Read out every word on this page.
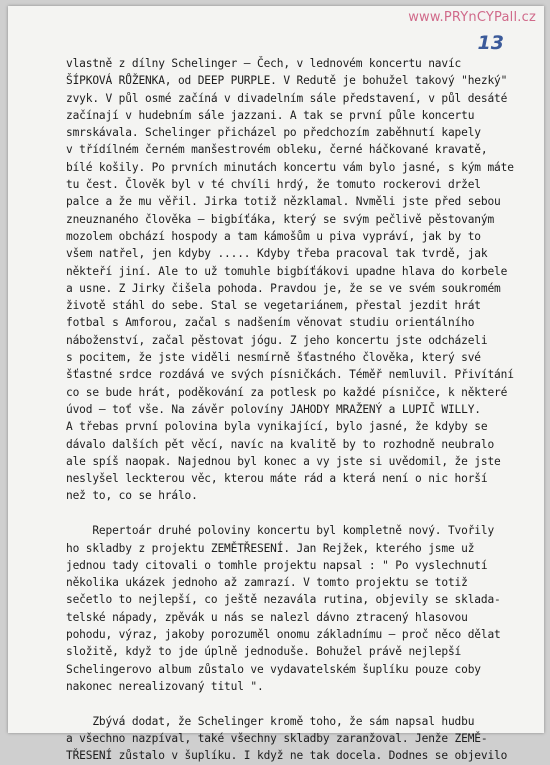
www.PRYnCYPall.cz
13
vlastně z dílny Schelinger – Čech, v lednovém koncertu navíc
ŠÍPKOVÁ RŮŽENKA, od DEEP PURPLE. V Redutě je bohužel takový "hezký"
zvyk. V půl osmé začíná v divadelním sále představení, v půl desáté
začínají v hudebním sále jazzani. A tak se první půle koncertu
smrskávala. Schelinger přicházel po předchozím zaběhnutí kapely
v třídílném černém manšestrovém obleku, černé háčkované kravatě,
bílé košily. Po prvních minutách koncertu vám bylo jasné, s kým máte
tu čest. Člověk byl v té chvíli hrdý, že tomuto rockerovi držel
palce a že mu věřil. Jirka totiž nězklamal. Nvměli jste před sebou
zneuznaného člověka – bigbíťáka, který se svým pečlivě pěstovaným
mozolem obchází hospody a tam kámošům u piva vypráví, jak by to
všem natřel, jen kdyby ..... Kdyby třeba pracoval tak tvrdě, jak
někteří jiní. Ale to už tomuhle bigbíťákovi upadne hlava do korbele
a usne. Z Jirky čišela pohoda. Pravdou je, že se ve svém soukromém
životě stáhl do sebe. Stal se vegetariánem, přestal jezdit hrát
fotbal s Amforou, začal s nadšením věnovat studiu orientálního
náboženství, začal pěstovat jógu. Z jeho koncertu jste odcházeli
s pocitem, že jste viděli nesmírně šťastného člověka, který své
šťastné srdce rozdává ve svých písničkách. Téměř nemluvil. Přivítání
co se bude hrát, poděkování za potlesk po každé písničce, k některé
úvod – toť vše. Na závěr polovíny JAHODY MRAŽENÝ a LUPIČ WILLY.
A třebas první polovina byla vynikající, bylo jasné, že kdyby se
dávalo dalších pět věcí, navíc na kvalitě by to rozhodně neubralo
ale spíš naopak. Najednou byl konec a vy jste si uvědomil, že jste
neslyšel leckterou věc, kterou máte rád a která není o nic horší
než to, co se hrálo.
Repertoár druhé poloviny koncertu byl kompletně nový. Tvořily
ho skladby z projektu ZEMĚTŘESENÍ. Jan Rejžek, kterého jsme už
jednou tady citovali o tomhle projektu napsal : " Po vyslechnutí
několika ukázek jednoho až zamrazí. V tomto projektu se totiž
sečetlo to nejlepší, co ještě nezavála rutina, objevily se sklada-
telské nápady, zpěvák u nás se nalezl dávno ztracený hlasovou
pohodu, výraz, jakoby porozuměl onomu základnímu – proč něco dělat
složitě, když to jde úplně jednoduše. Bohužel právě nejlepší
Schelingerovo album zůstalo ve vydavatelském šuplíku pouze coby
nakonec nerealizovaný titul ".
Zbývá dodat, že Schelinger kromě toho, že sám napsal hudbu
a všechno nazpíval, také všechny skladby zaranžoval. Jenže ZEMĚ-
TŘESENÍ zůstalo v šuplíku. I když ne tak docela. Dodnes se objevilo
